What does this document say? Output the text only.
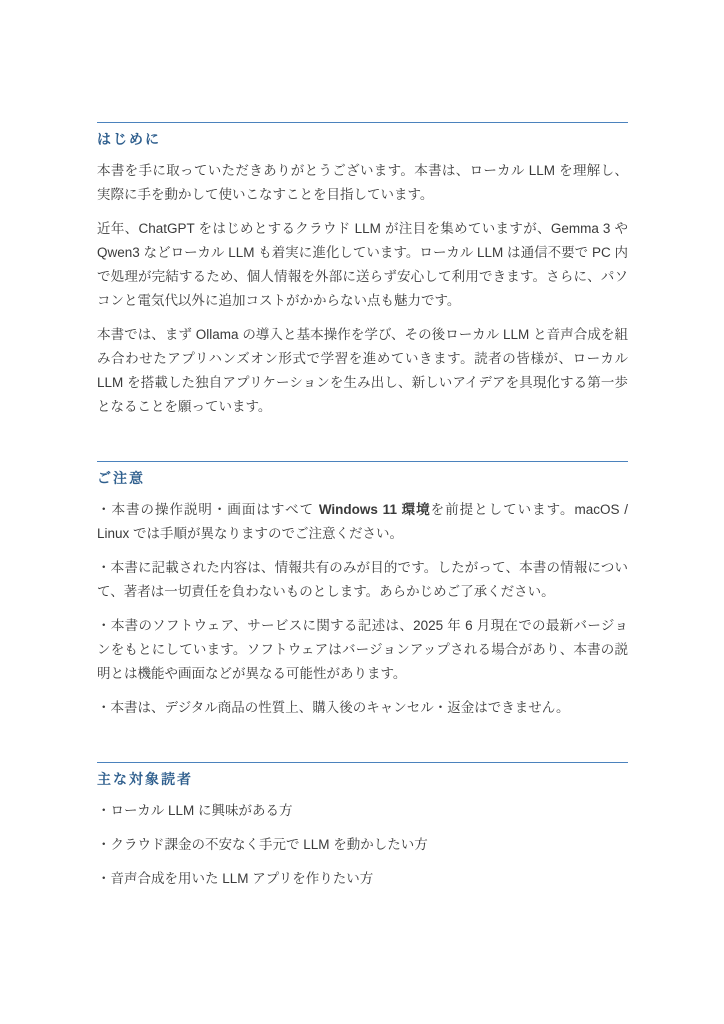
はじめに

本書を手に取っていただきありがとうございます。本書は、ローカル LLM を理解し、実際に手を動かして使いこなすことを目指しています。

近年、ChatGPT をはじめとするクラウド LLM が注目を集めていますが、Gemma 3 や Qwen3 などローカル LLM も着実に進化しています。ローカル LLM は通信不要で PC 内で処理が完結するため、個人情報を外部に送らず安心して利用できます。さらに、パソコンと電気代以外に追加コストがかからない点も魅力です。

本書では、まず Ollama の導入と基本操作を学び、その後ローカル LLM と音声合成を組み合わせたアプリハンズオン形式で学習を進めていきます。読者の皆様が、ローカル LLM を搭載した独自アプリケーションを生み出し、新しいアイデアを具現化する第一歩となることを願っています。

ご注意

・本書の操作説明・画面はすべて Windows 11 環境を前提としています。macOS / Linux では手順が異なりますのでご注意ください。

・本書に記載された内容は、情報共有のみが目的です。したがって、本書の情報について、著者は一切責任を負わないものとします。あらかじめご了承ください。

・本書のソフトウェア、サービスに関する記述は、2025 年 6 月現在での最新バージョンをもとにしています。ソフトウェアはバージョンアップされる場合があり、本書の説明とは機能や画面などが異なる可能性があります。

・本書は、デジタル商品の性質上、購入後のキャンセル・返金はできません。

主な対象読者

・ローカル LLM に興味がある方

・クラウド課金の不安なく手元で LLM を動かしたい方

・音声合成を用いた LLM アプリを作りたい方
